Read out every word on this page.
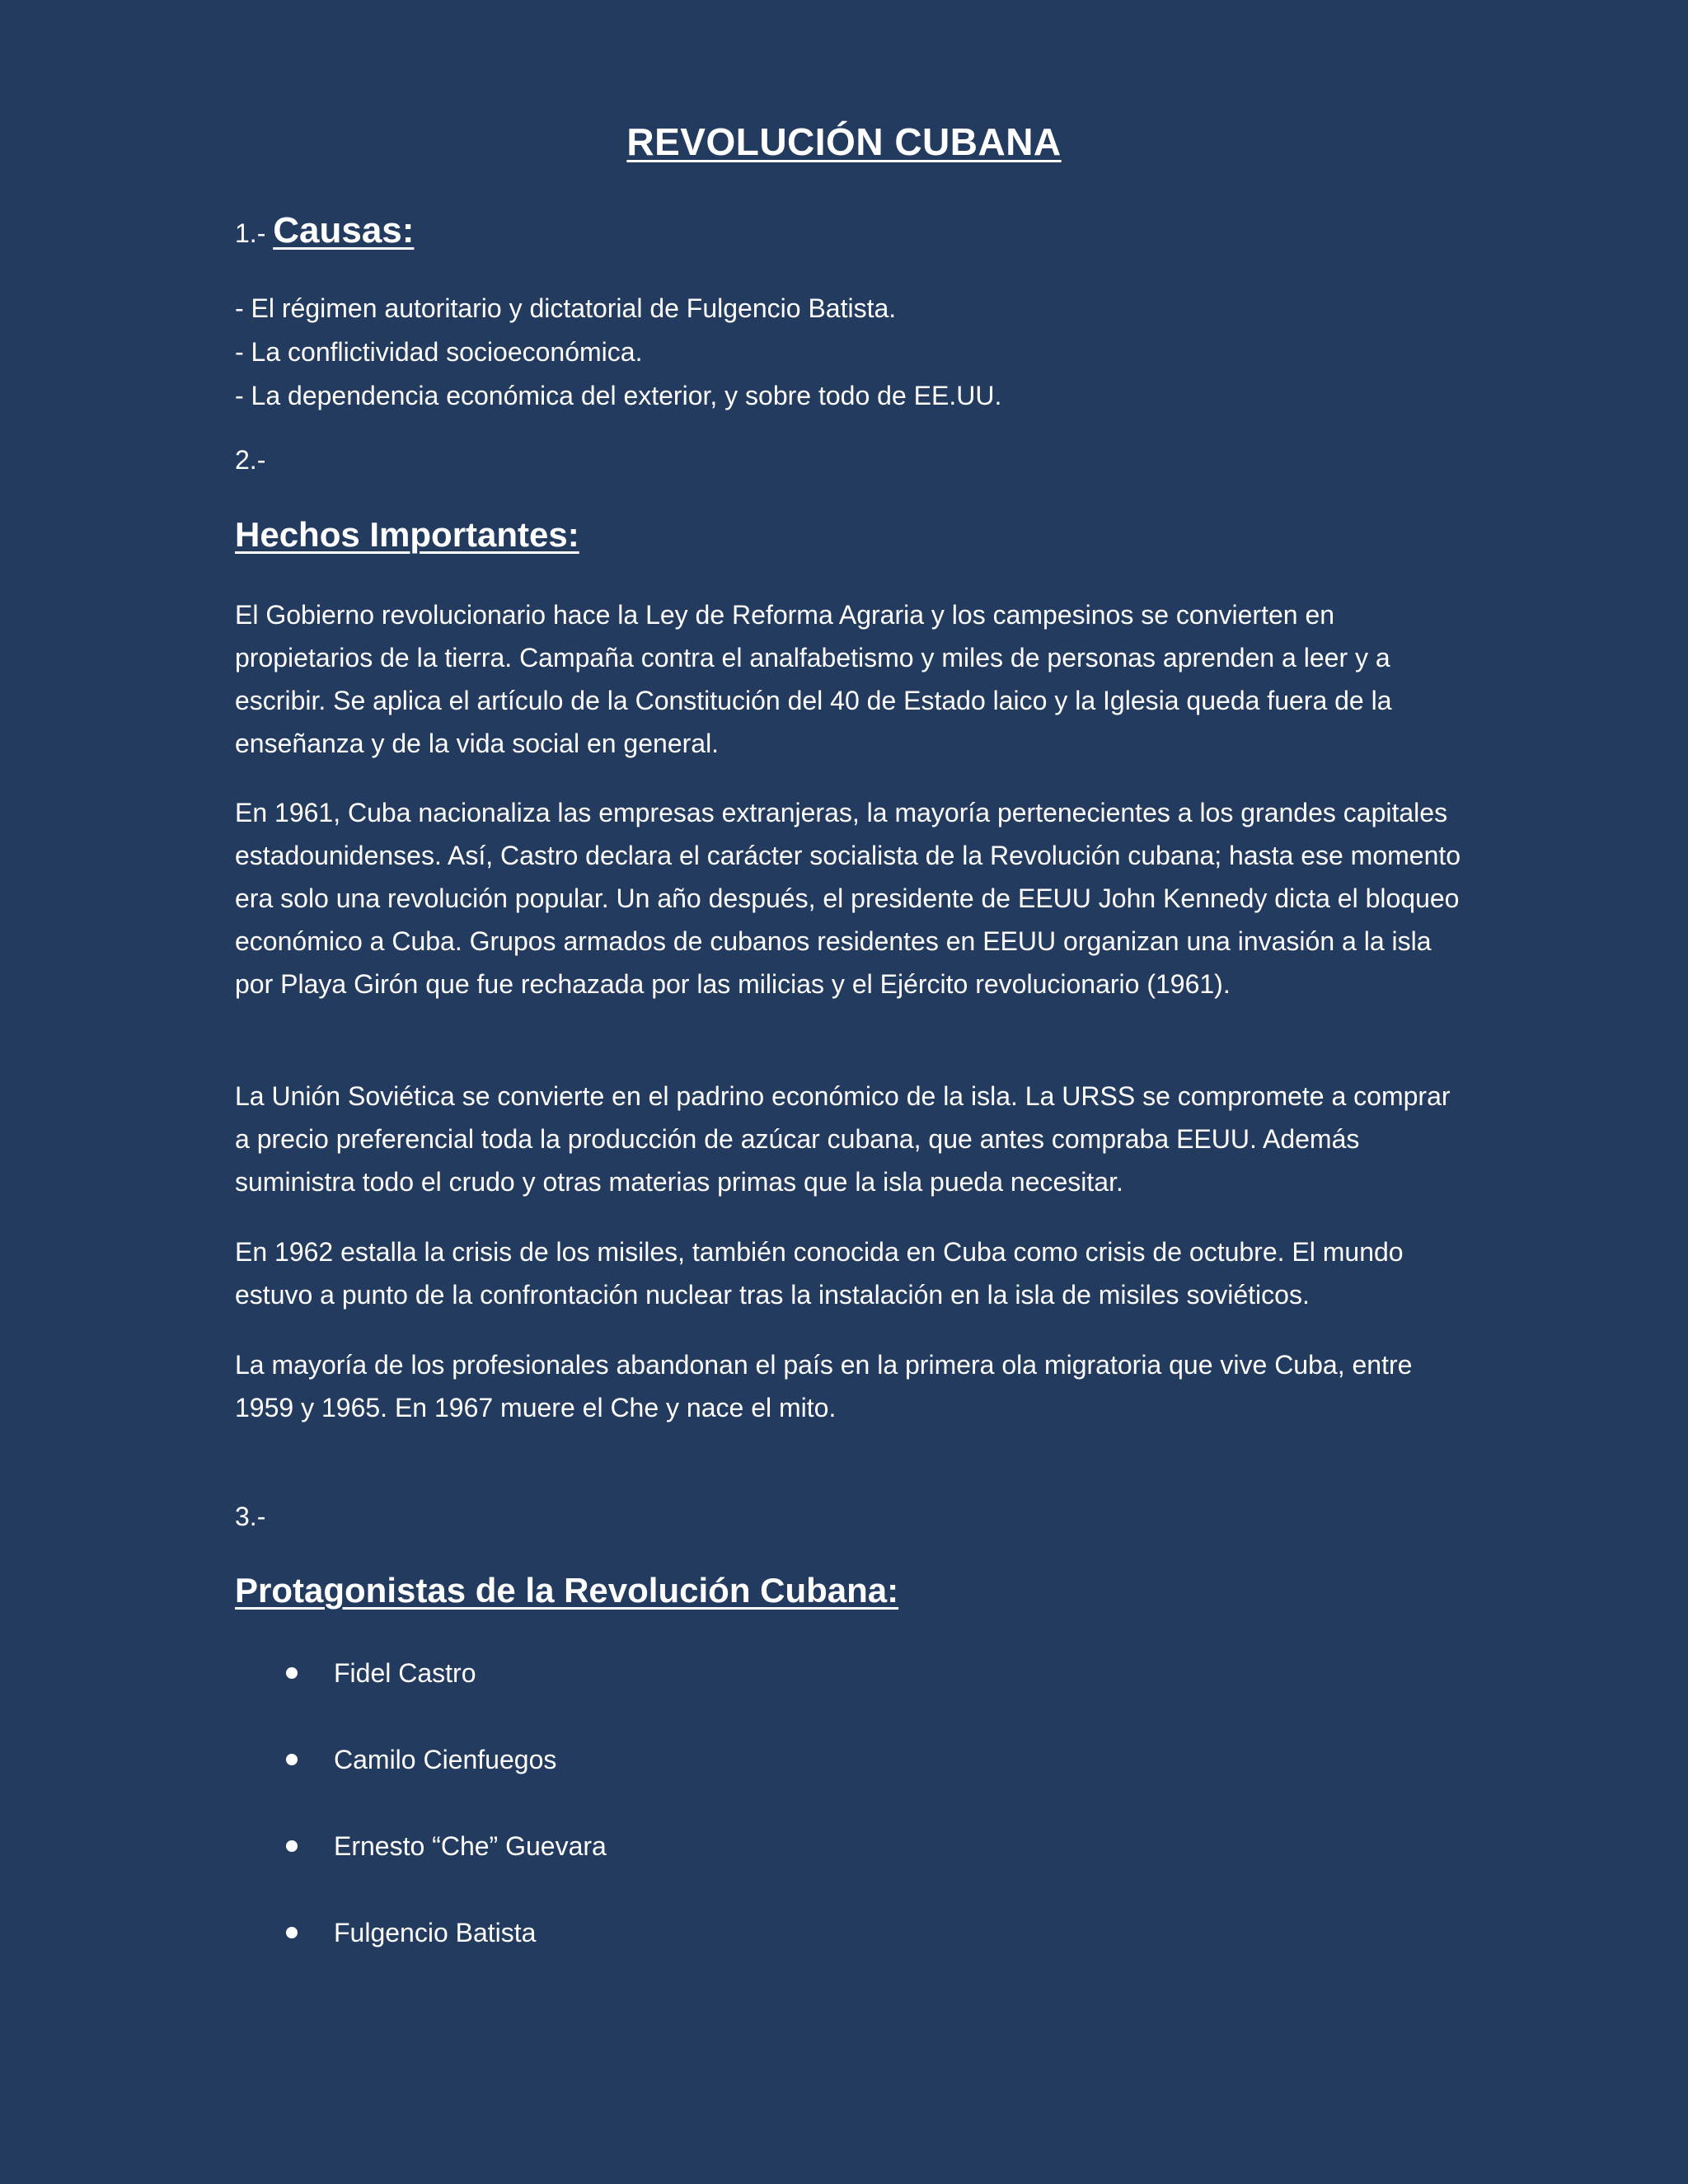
REVOLUCIÓN CUBANA
1.- Causas:
- El régimen autoritario y dictatorial de Fulgencio Batista.
- La conflictividad socioeconómica.
- La dependencia económica del exterior, y sobre todo de EE.UU.
2.-
Hechos Importantes:
El Gobierno revolucionario hace la Ley de Reforma Agraria y los campesinos se convierten en propietarios de la tierra. Campaña contra el analfabetismo y miles de personas aprenden a leer y a escribir. Se aplica el artículo de la Constitución del 40 de Estado laico y la Iglesia queda fuera de la enseñanza y de la vida social en general.
En 1961, Cuba nacionaliza las empresas extranjeras, la mayoría pertenecientes a los grandes capitales estadounidenses. Así, Castro declara el carácter socialista de la Revolución cubana; hasta ese momento era solo una revolución popular. Un año después, el presidente de EEUU John Kennedy dicta el bloqueo económico a Cuba. Grupos armados de cubanos residentes en EEUU organizan una invasión a la isla por Playa Girón que fue rechazada por las milicias y el Ejército revolucionario (1961).
La Unión Soviética se convierte en el padrino económico de la isla. La URSS se compromete a comprar a precio preferencial toda la producción de azúcar cubana, que antes compraba EEUU. Además suministra todo el crudo y otras materias primas que la isla pueda necesitar.
En 1962 estalla la crisis de los misiles, también conocida en Cuba como crisis de octubre. El mundo estuvo a punto de la confrontación nuclear tras la instalación en la isla de misiles soviéticos.
La mayoría de los profesionales abandonan el país en la primera ola migratoria que vive Cuba, entre 1959 y 1965. En 1967 muere el Che y nace el mito.
3.-
Protagonistas de la Revolución Cubana:
Fidel Castro
Camilo Cienfuegos
Ernesto “Che” Guevara
Fulgencio Batista
